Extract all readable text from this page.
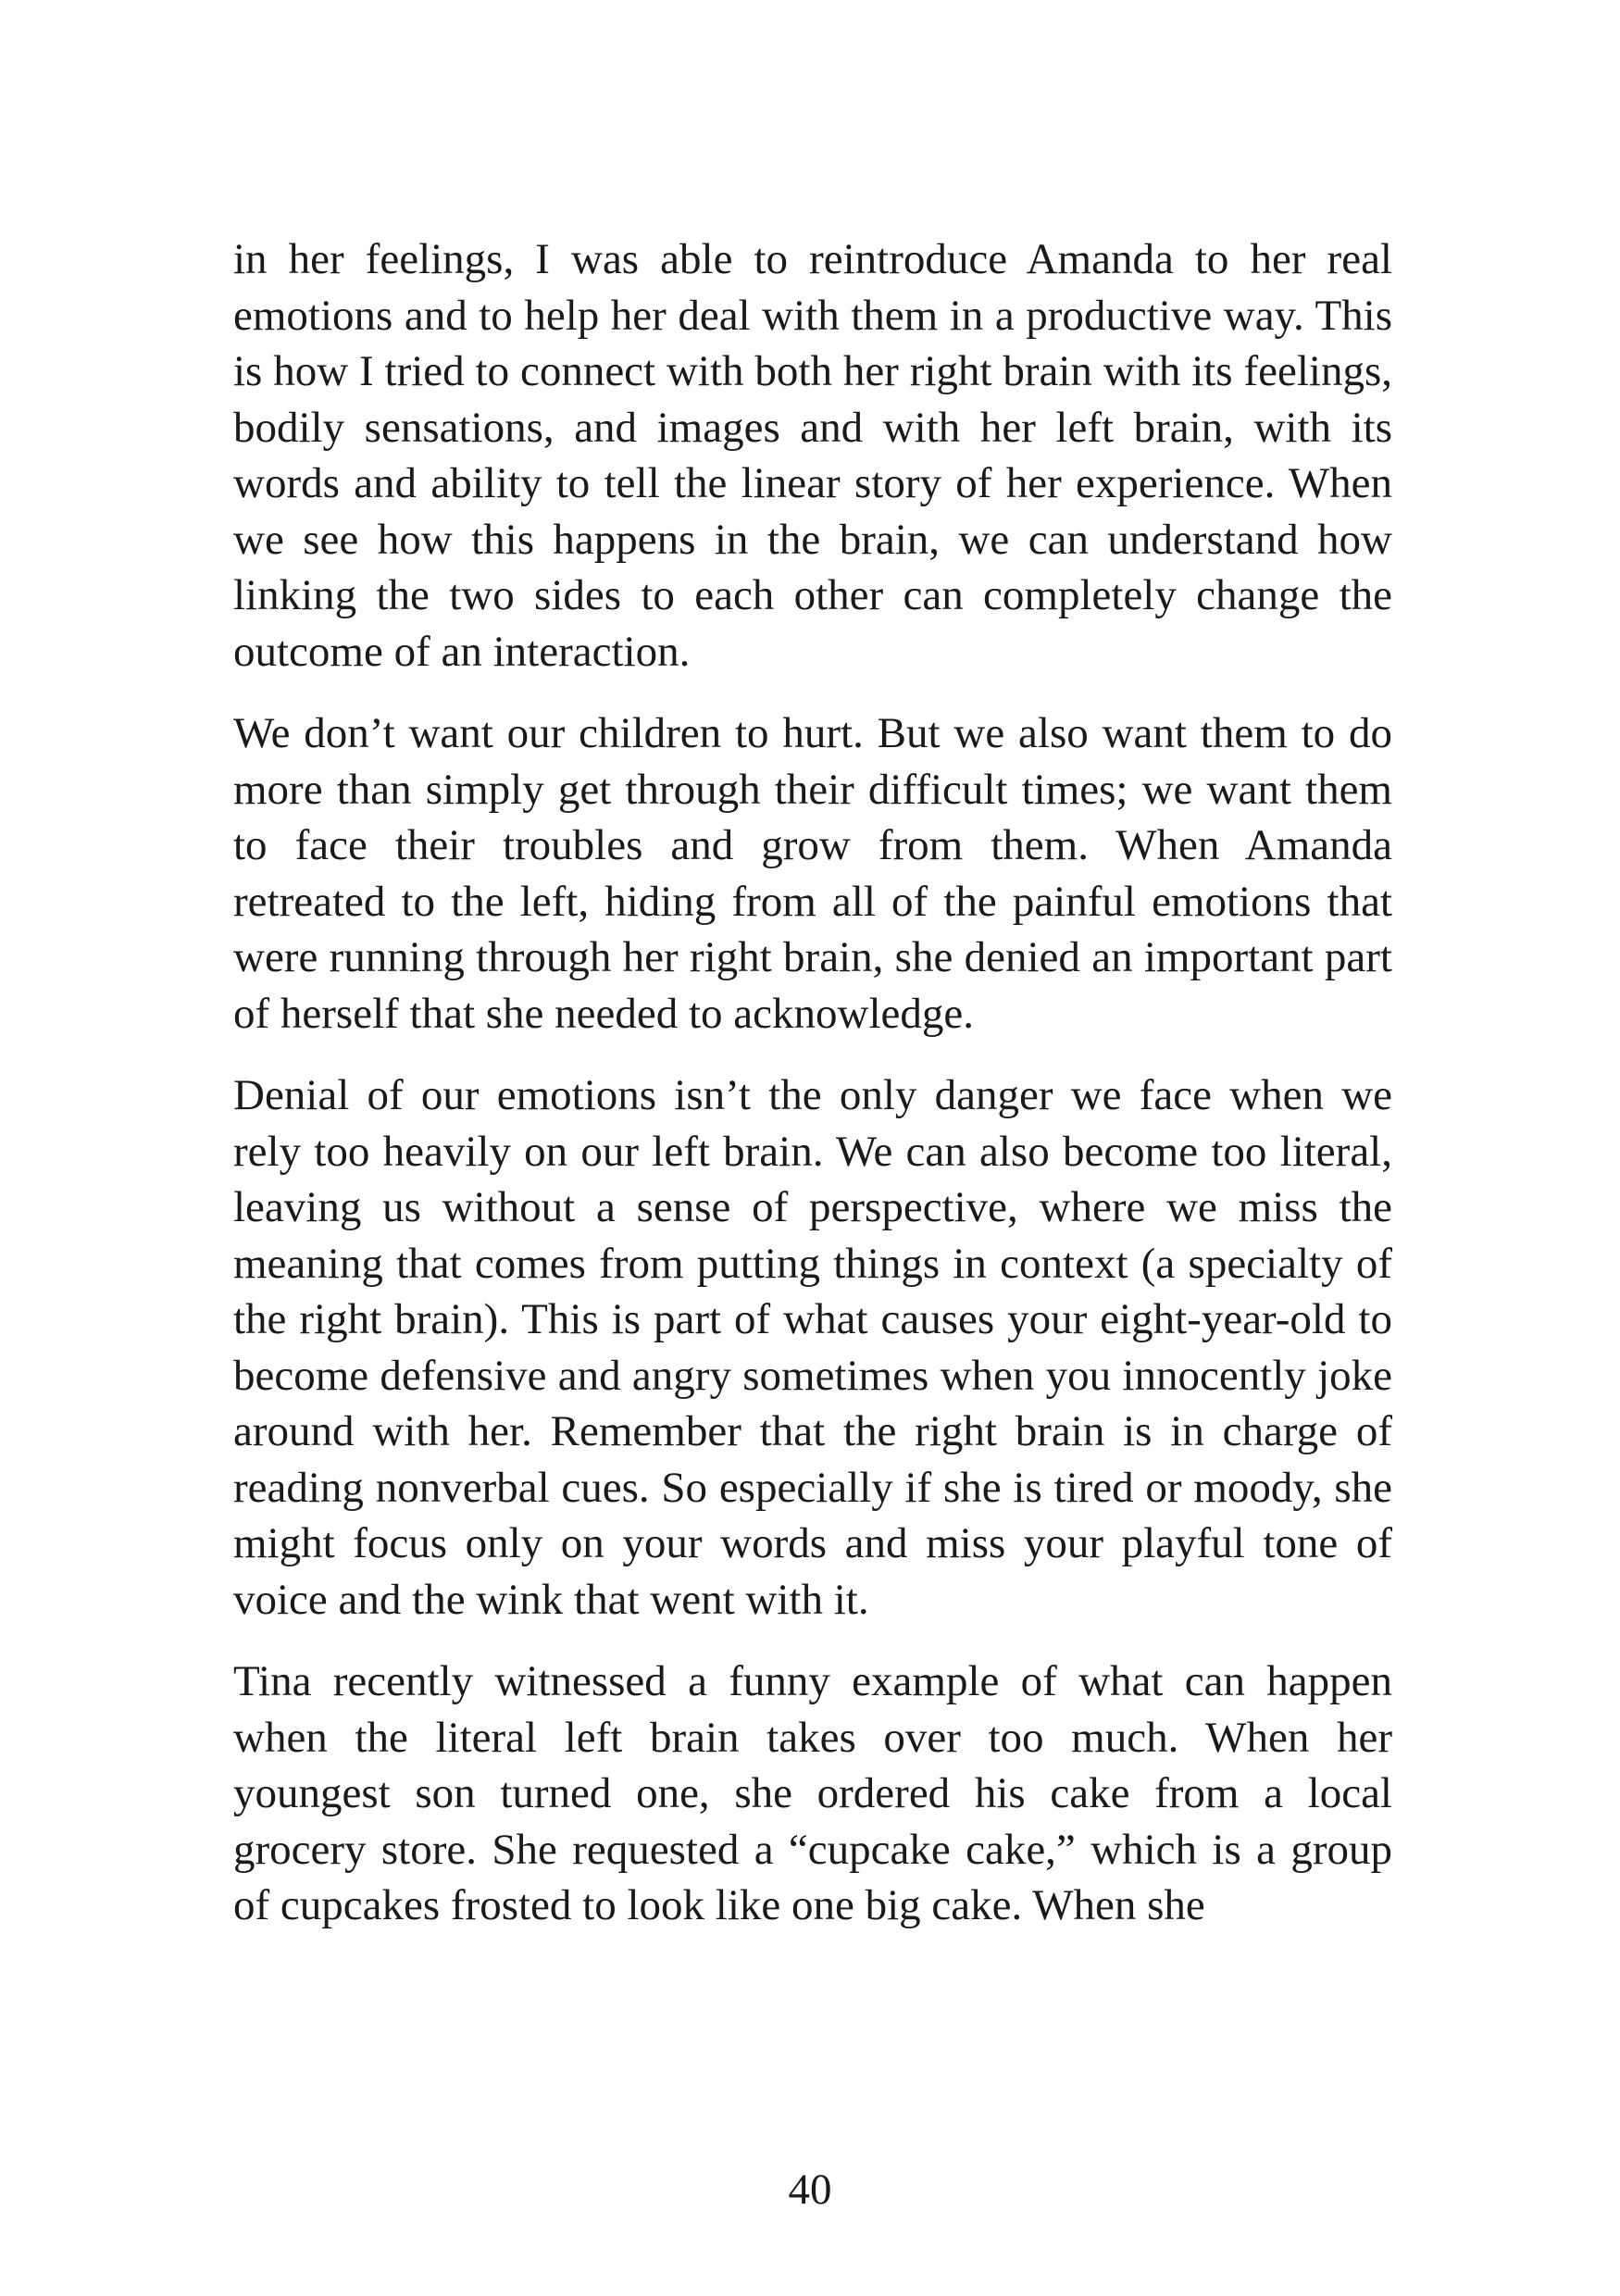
in her feelings, I was able to reintroduce Amanda to her real emotions and to help her deal with them in a productive way. This is how I tried to connect with both her right brain with its feelings, bodily sensations, and images and with her left brain, with its words and ability to tell the linear story of her experience. When we see how this happens in the brain, we can understand how linking the two sides to each other can completely change the outcome of an interaction.

We don’t want our children to hurt. But we also want them to do more than simply get through their difficult times; we want them to face their troubles and grow from them. When Amanda retreated to the left, hiding from all of the painful emotions that were running through her right brain, she denied an important part of herself that she needed to acknowledge.

Denial of our emotions isn’t the only danger we face when we rely too heavily on our left brain. We can also become too literal, leaving us without a sense of perspective, where we miss the meaning that comes from putting things in context (a specialty of the right brain). This is part of what causes your eight-year-old to become defensive and angry sometimes when you innocently joke around with her. Remember that the right brain is in charge of reading nonverbal cues. So especially if she is tired or moody, she might focus only on your words and miss your playful tone of voice and the wink that went with it.

Tina recently witnessed a funny example of what can happen when the literal left brain takes over too much. When her youngest son turned one, she ordered his cake from a local grocery store. She requested a “cupcake cake,” which is a group of cupcakes frosted to look like one big cake. When she

40
